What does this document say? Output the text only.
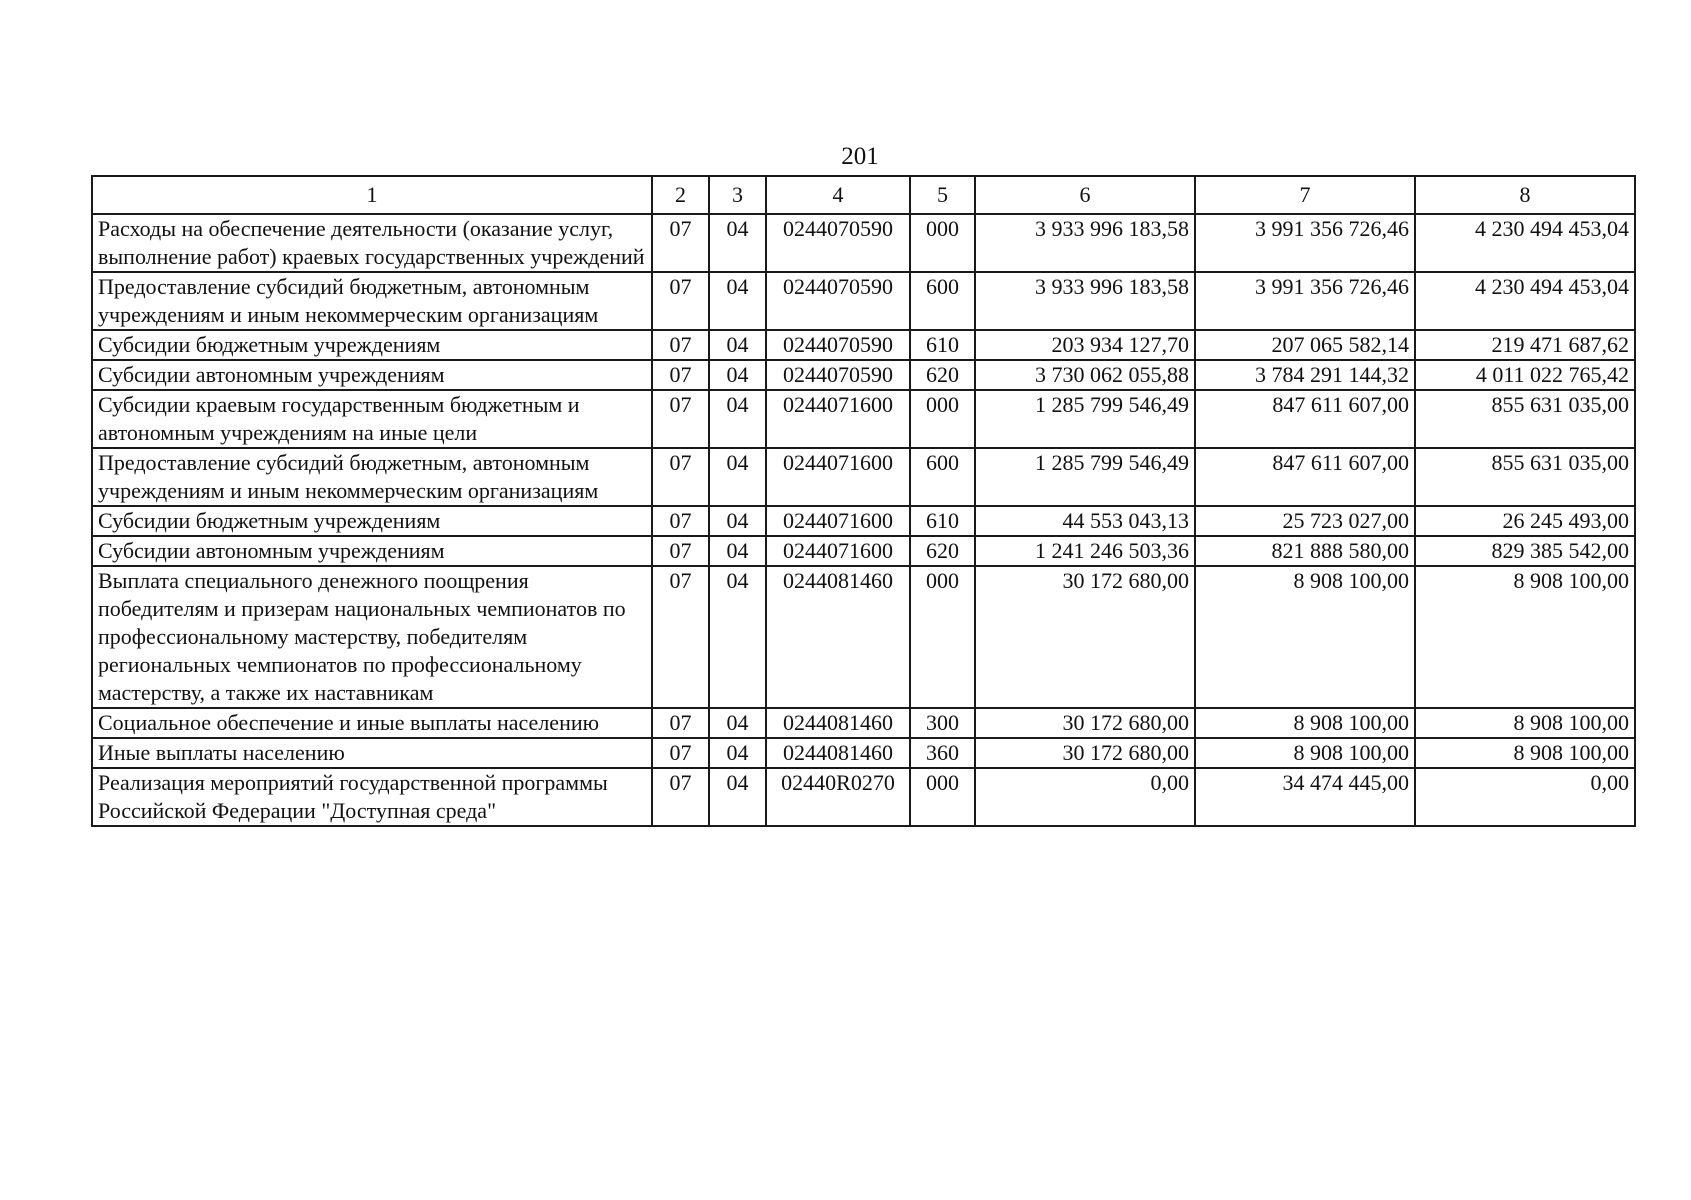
201
1	2	3	4	5	6	7	8
Расходы на обеспечение деятельности (оказание услуг, выполнение работ) краевых государственных учреждений	07	04	0244070590	000	3 933 996 183,58	3 991 356 726,46	4 230 494 453,04
Предоставление субсидий бюджетным, автономным учреждениям и иным некоммерческим организациям	07	04	0244070590	600	3 933 996 183,58	3 991 356 726,46	4 230 494 453,04
Субсидии бюджетным учреждениям	07	04	0244070590	610	203 934 127,70	207 065 582,14	219 471 687,62
Субсидии автономным учреждениям	07	04	0244070590	620	3 730 062 055,88	3 784 291 144,32	4 011 022 765,42
Субсидии краевым государственным бюджетным и автономным учреждениям на иные цели	07	04	0244071600	000	1 285 799 546,49	847 611 607,00	855 631 035,00
Предоставление субсидий бюджетным, автономным учреждениям и иным некоммерческим организациям	07	04	0244071600	600	1 285 799 546,49	847 611 607,00	855 631 035,00
Субсидии бюджетным учреждениям	07	04	0244071600	610	44 553 043,13	25 723 027,00	26 245 493,00
Субсидии автономным учреждениям	07	04	0244071600	620	1 241 246 503,36	821 888 580,00	829 385 542,00
Выплата специального денежного поощрения победителям и призерам национальных чемпионатов по профессиональному мастерству, победителям региональных чемпионатов по профессиональному мастерству, а также их наставникам	07	04	0244081460	000	30 172 680,00	8 908 100,00	8 908 100,00
Социальное обеспечение и иные выплаты населению	07	04	0244081460	300	30 172 680,00	8 908 100,00	8 908 100,00
Иные выплаты населению	07	04	0244081460	360	30 172 680,00	8 908 100,00	8 908 100,00
Реализация мероприятий государственной программы Российской Федерации "Доступная среда"	07	04	02440R0270	000	0,00	34 474 445,00	0,00
